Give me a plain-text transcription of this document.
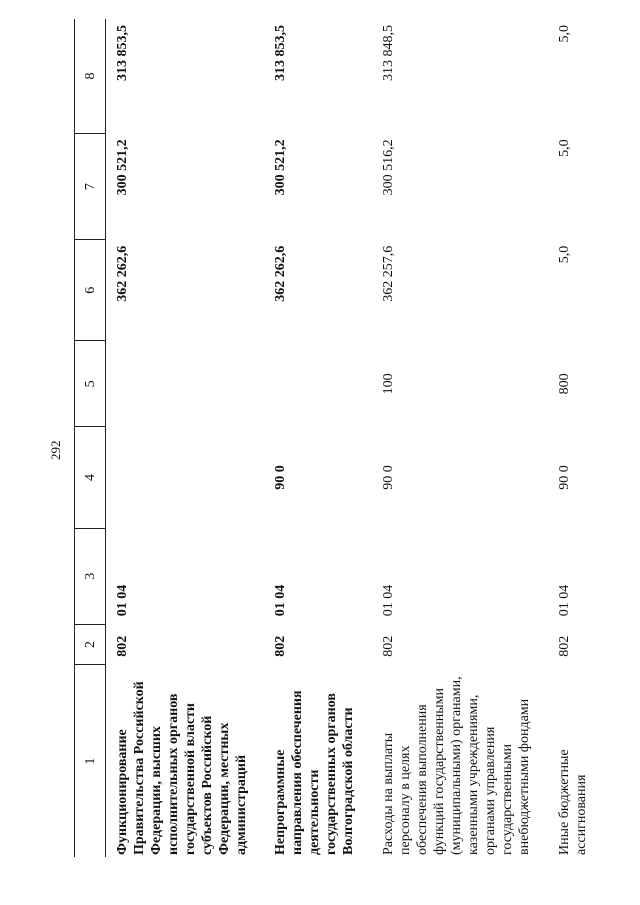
292
1	2	3	4	5	6	7	8
Функционирование Правительства Российской Федерации, высших исполнительных органов государственной власти субъектов Российской Федерации, местных администраций	802	01 04			362 262,6	300 521,2	313 853,5
Непрограммные направления обеспечения деятельности государственных органов Волгоградской области	802	01 04	90 0		362 262,6	300 521,2	313 853,5
Расходы на выплаты персоналу в целях обеспечения выполнения функций государственными (муниципальными) органами, казенными учреждениями, органами управления государственными внебюджетными фондами	802	01 04	90 0	100	362 257,6	300 516,2	313 848,5
Иные бюджетные ассигнования	802	01 04	90 0	800	5,0	5,0	5,0
